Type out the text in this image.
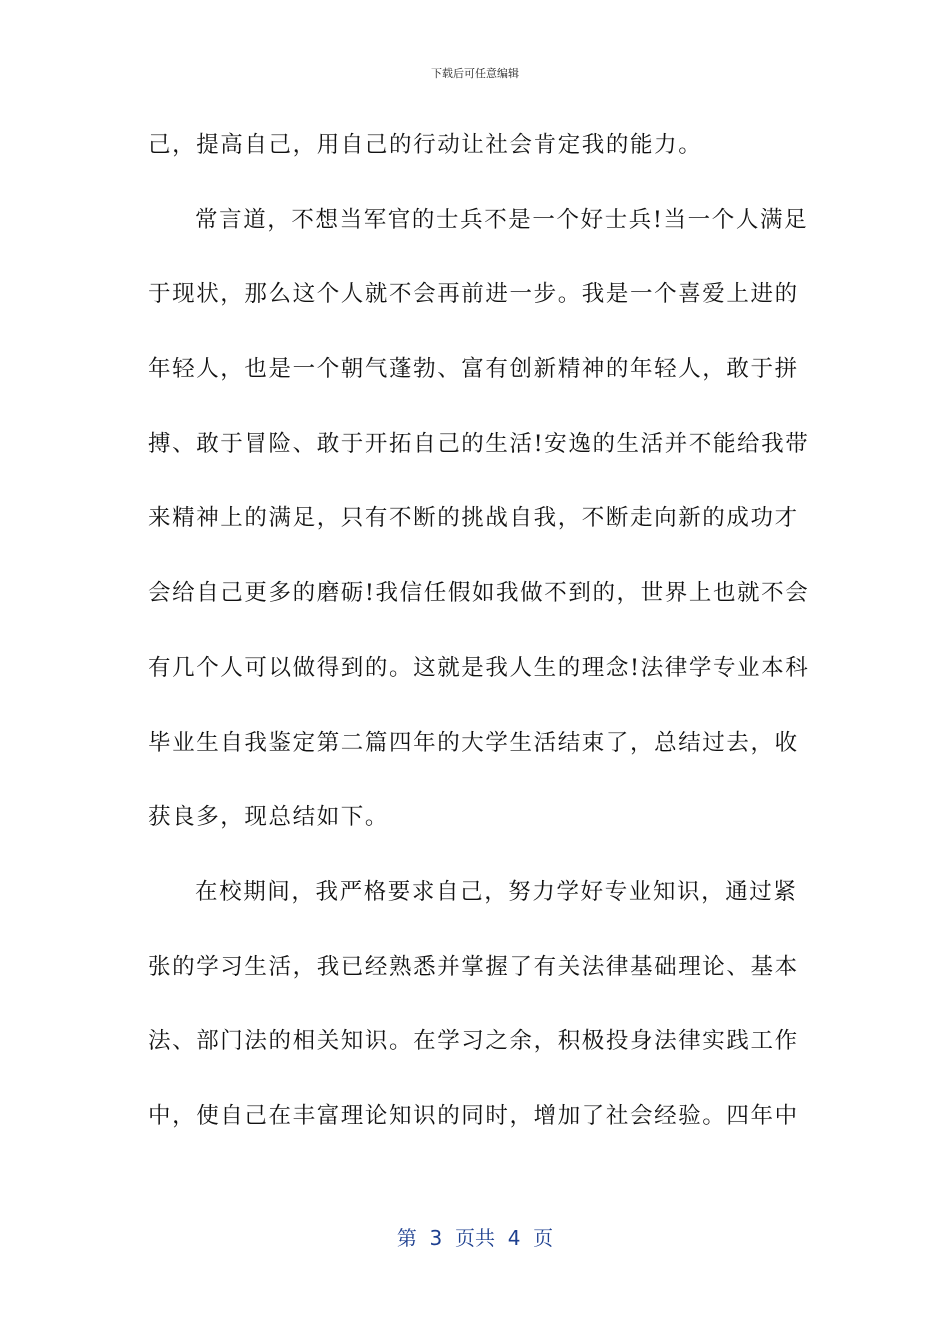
下载后可任意编辑
己，提高自己，用自己的行动让社会肯定我的能力。
常言道，不想当军官的士兵不是一个好士兵!当一个人满足
于现状，那么这个人就不会再前进一步。我是一个喜爱上进的
年轻人，也是一个朝气蓬勃、富有创新精神的年轻人，敢于拼
搏、敢于冒险、敢于开拓自己的生活!安逸的生活并不能给我带
来精神上的满足，只有不断的挑战自我，不断走向新的成功才
会给自己更多的磨砺!我信任假如我做不到的，世界上也就不会
有几个人可以做得到的。这就是我人生的理念!法律学专业本科
毕业生自我鉴定第二篇四年的大学生活结束了，总结过去，收
获良多，现总结如下。
在校期间，我严格要求自己，努力学好专业知识，通过紧
张的学习生活，我已经熟悉并掌握了有关法律基础理论、基本
法、部门法的相关知识。在学习之余，积极投身法律实践工作
中，使自己在丰富理论知识的同时，增加了社会经验。四年中
第  3  页共  4  页
